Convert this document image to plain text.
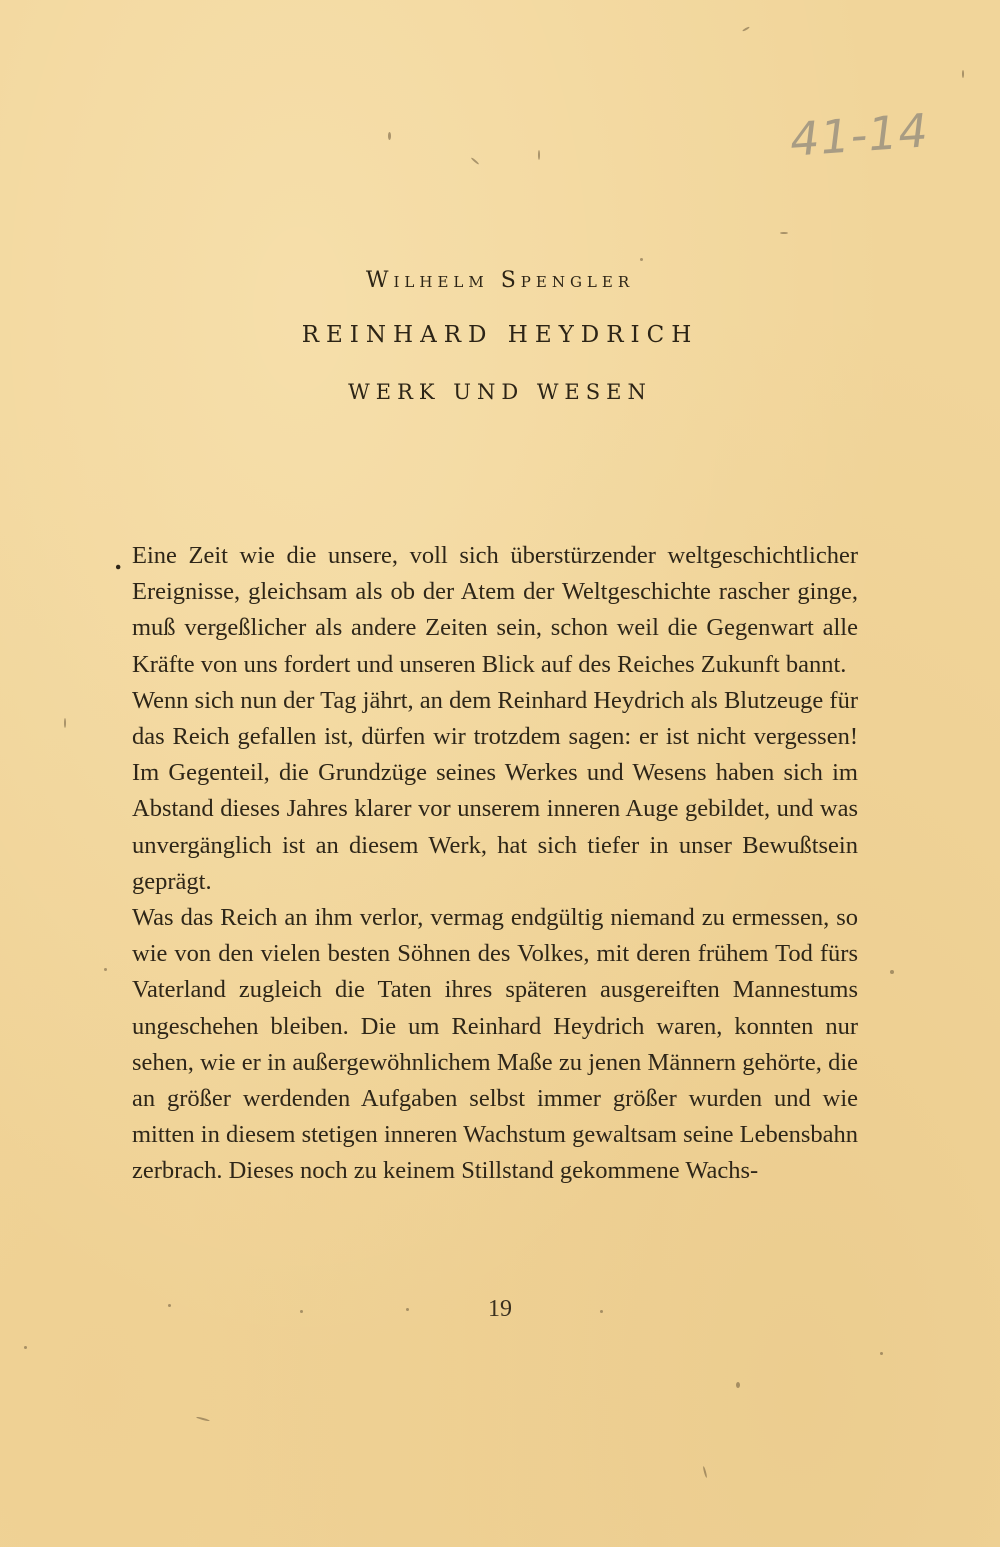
41-14
Wilhelm Spengler
REINHARD HEYDRICH
WERK UND WESEN
. Eine Zeit wie die unsere, voll sich überstürzender weltgeschichtlicher Ereignisse, gleichsam als ob der Atem der Weltgeschichte rascher ginge, muß vergeßlicher als andere Zeiten sein, schon weil die Gegenwart alle Kräfte von uns fordert und unseren Blick auf des Reiches Zukunft bannt.

Wenn sich nun der Tag jährt, an dem Reinhard Heydrich als Blutzeuge für das Reich gefallen ist, dürfen wir trotzdem sagen: er ist nicht vergessen! Im Gegenteil, die Grundzüge seines Werkes und Wesens haben sich im Abstand dieses Jahres klarer vor unserem inneren Auge gebildet, und was unvergänglich ist an diesem Werk, hat sich tiefer in unser Bewußtsein geprägt.

Was das Reich an ihm verlor, vermag endgültig niemand zu ermessen, so wie von den vielen besten Söhnen des Volkes, mit deren frühem Tod fürs Vaterland zugleich die Taten ihres späteren ausgereiften Mannestums ungeschehen bleiben. Die um Reinhard Heydrich waren, konnten nur sehen, wie er in außergewöhnlichem Maße zu jenen Männern gehörte, die an größer werdenden Aufgaben selbst immer größer wurden und wie mitten in diesem stetigen inneren Wachstum gewaltsam seine Lebensbahn zerbrach. Dieses noch zu keinem Stillstand gekommene Wachs-

19
